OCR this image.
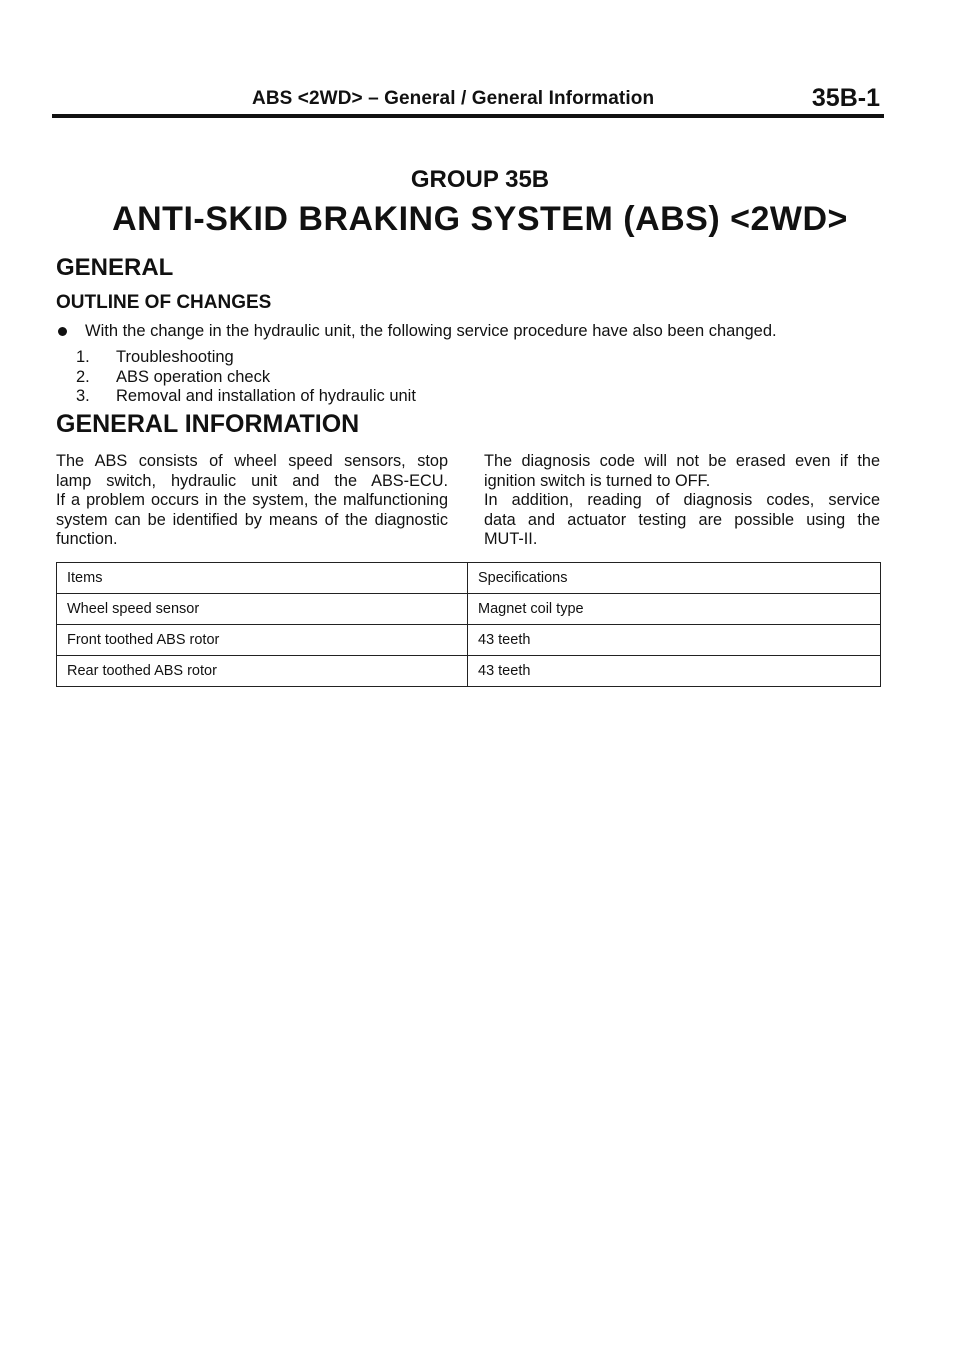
ABS <2WD> – General / General Information	35B-1
GROUP 35B
ANTI-SKID BRAKING SYSTEM (ABS) <2WD>
GENERAL
OUTLINE OF CHANGES
With the change in the hydraulic unit, the following service procedure have also been changed.
1. Troubleshooting
2. ABS operation check
3. Removal and installation of hydraulic unit
GENERAL INFORMATION
The ABS consists of wheel speed sensors, stop
lamp switch, hydraulic unit and the ABS-ECU.
If a problem occurs in the system, the malfunctioning
system can be identified by means of the diagnostic
function.
The diagnosis code will not be erased even if the
ignition switch is turned to OFF.
In addition, reading of diagnosis codes, service
data and actuator testing are possible using the
MUT-II.
Items	Specifications
Wheel speed sensor	Magnet coil type
Front toothed ABS rotor	43 teeth
Rear toothed ABS rotor	43 teeth
